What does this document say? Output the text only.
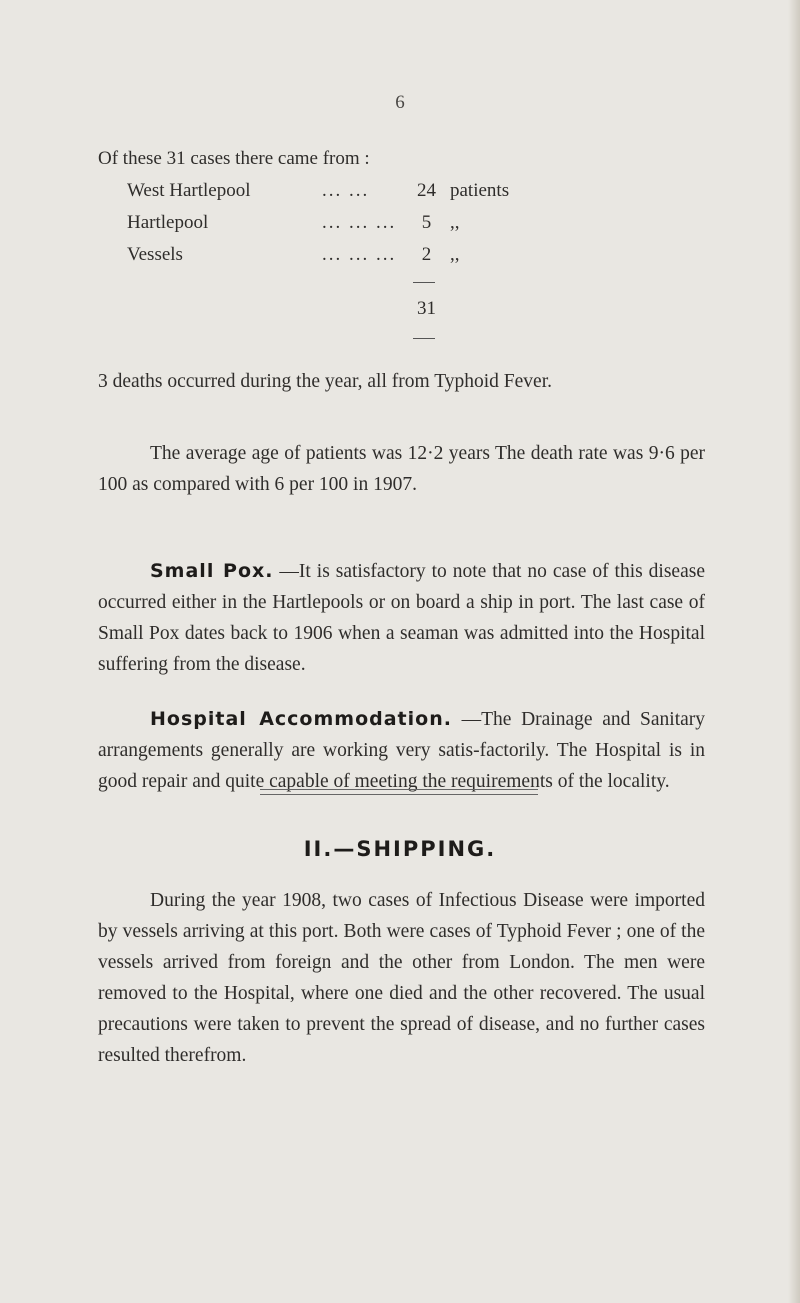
6
Of these 31 cases there came from :
West Hartlepool	... ...	24 patients
Hartlepool	... ... ...	5 ,,
Vessels	... ... ...	2 ,,
31

3 deaths occurred during the year, all from Typhoid Fever.

The average age of patients was 12·2 years The death rate was 9·6 per 100 as compared with 6 per 100 in 1907.

Small Pox. —It is satisfactory to note that no case of this disease occurred either in the Hartlepools or on board a ship in port. The last case of Small Pox dates back to 1906 when a seaman was admitted into the Hospital suffering from the disease.

Hospital Accommodation. —The Drainage and Sanitary arrangements generally are working very satis-factorily. The Hospital is in good repair and quite capable of meeting the requirements of the locality.

II.—SHIPPING.

During the year 1908, two cases of Infectious Disease were imported by vessels arriving at this port. Both were cases of Typhoid Fever ; one of the vessels arrived from foreign and the other from London. The men were removed to the Hospital, where one died and the other recovered. The usual precautions were taken to prevent the spread of disease, and no further cases resulted therefrom.
